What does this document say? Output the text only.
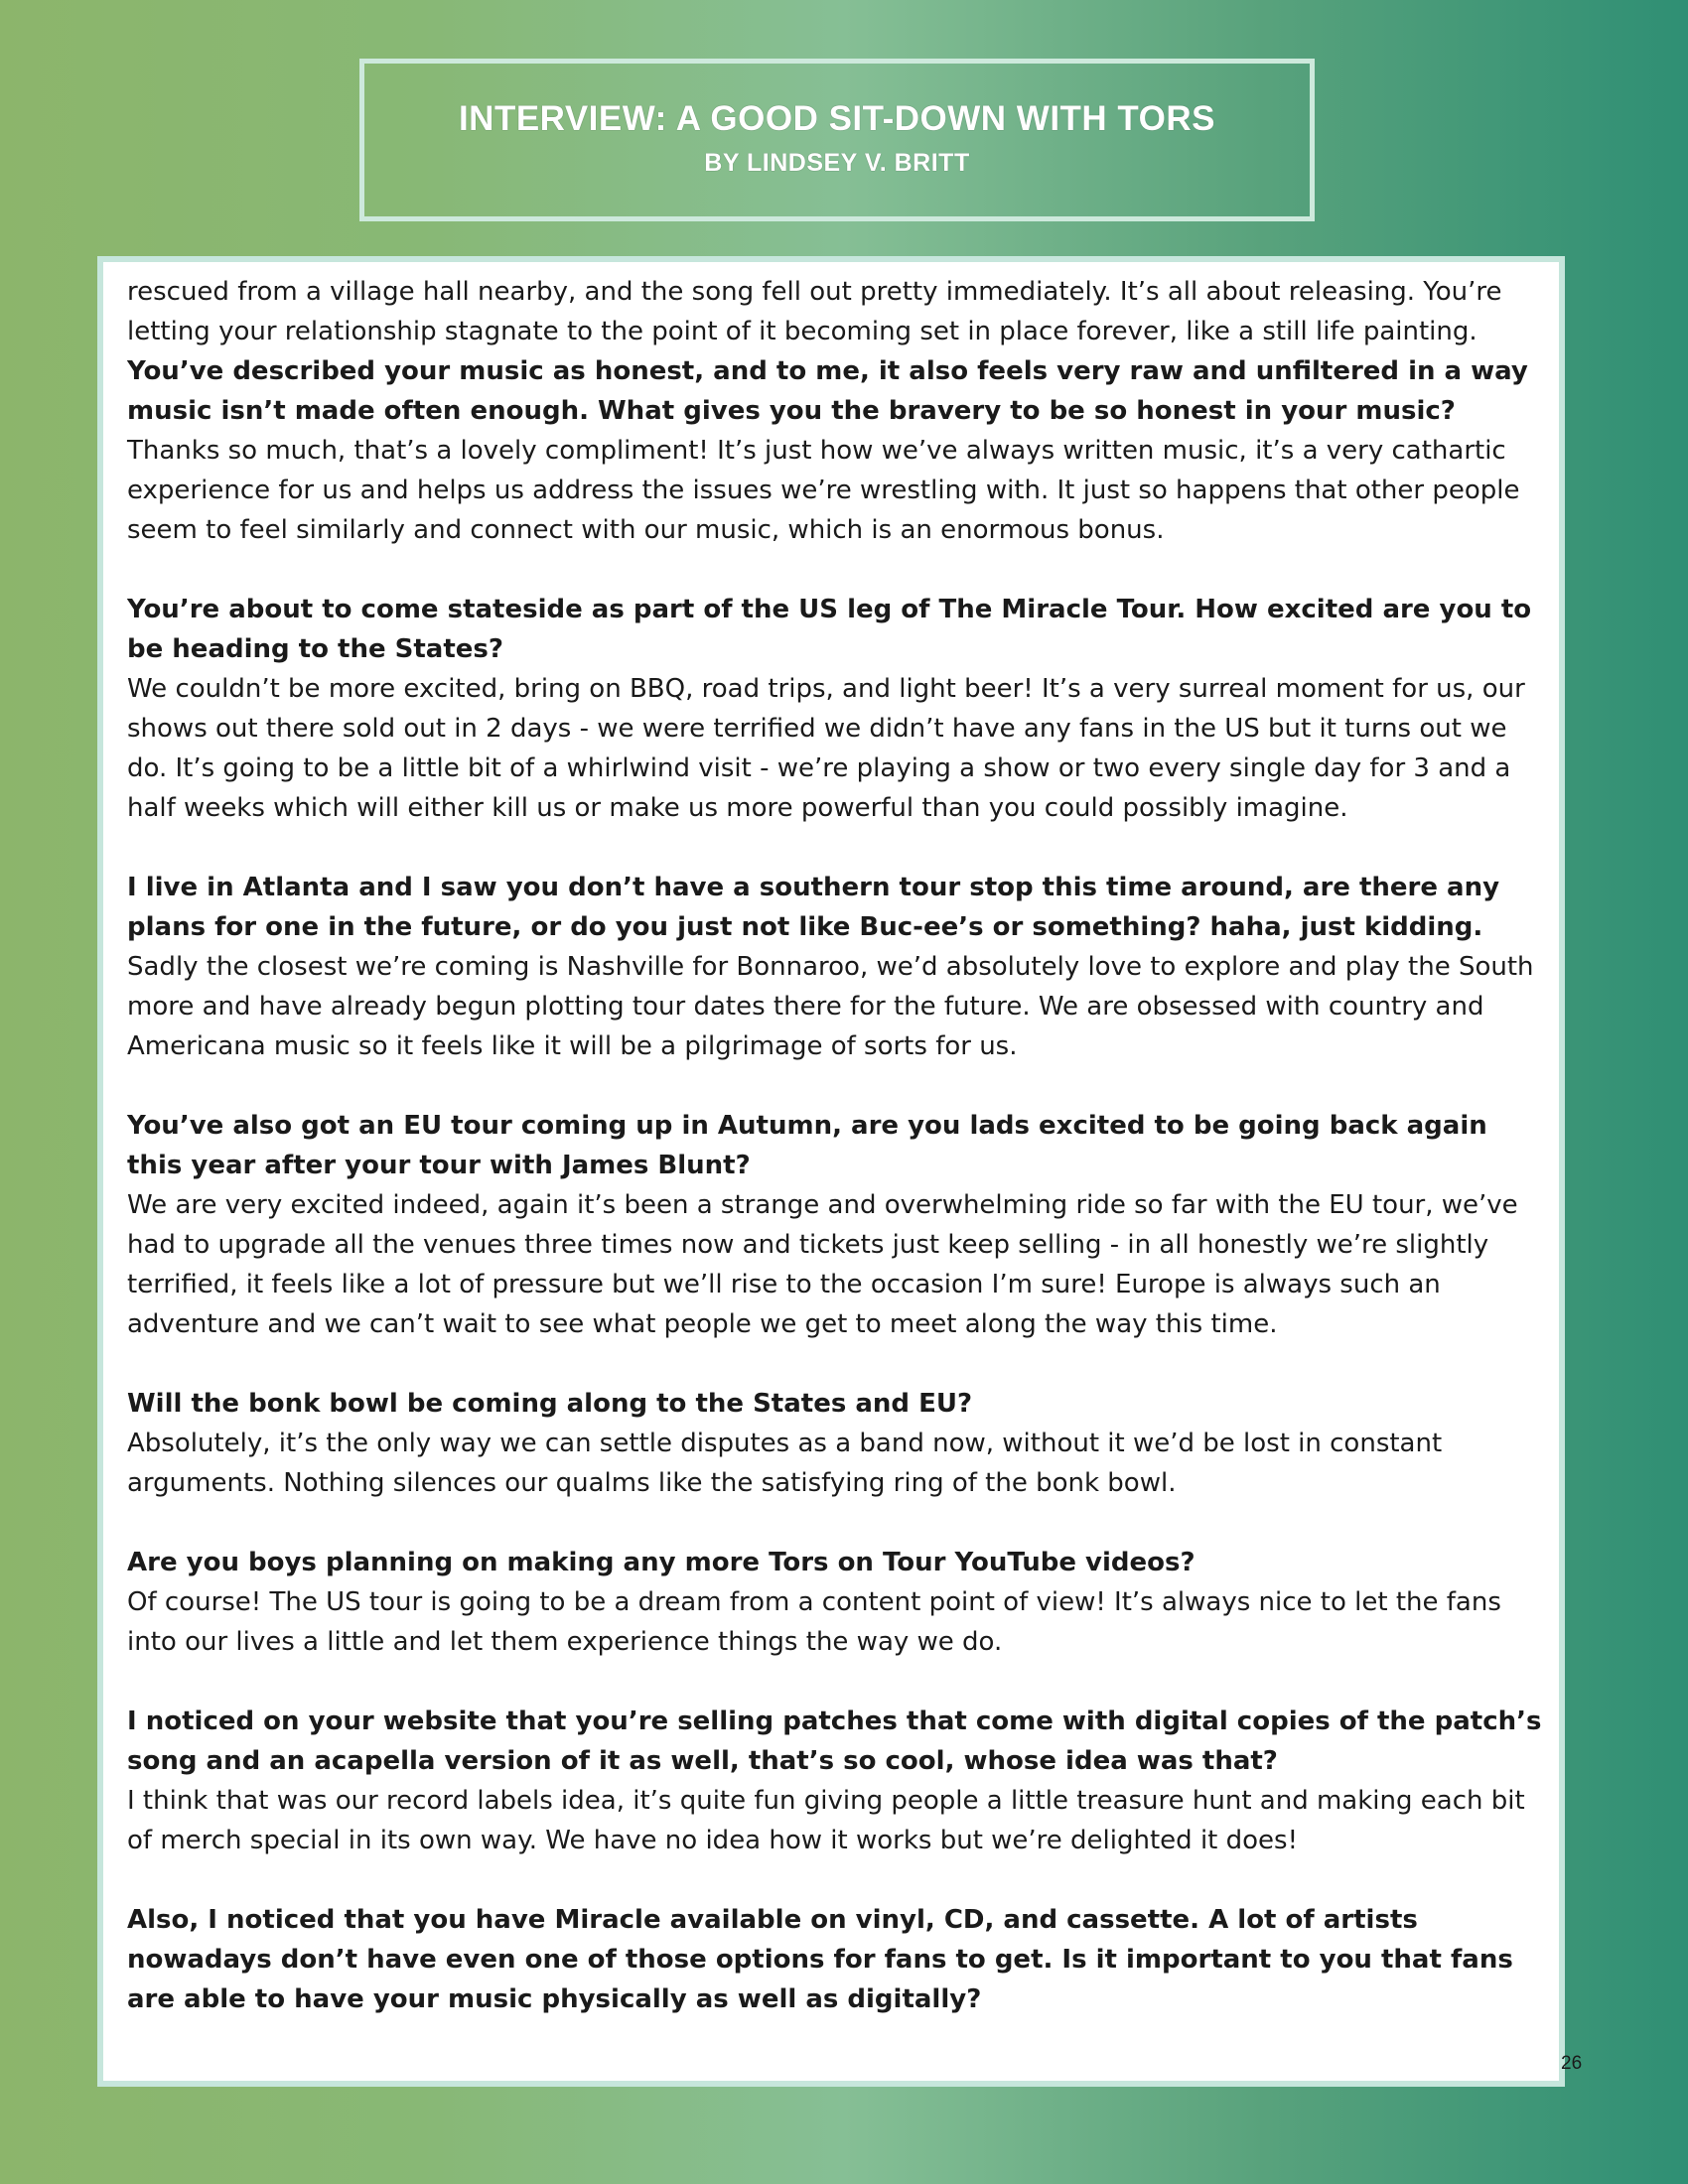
INTERVIEW: A GOOD SIT-DOWN WITH TORS
BY LINDSEY V. BRITT

rescued from a village hall nearby, and the song fell out pretty immediately. It’s all about releasing. You’re letting your relationship stagnate to the point of it becoming set in place forever, like a still life painting.

You’ve described your music as honest, and to me, it also feels very raw and unfiltered in a way music isn’t made often enough. What gives you the bravery to be so honest in your music?

Thanks so much, that’s a lovely compliment! It’s just how we’ve always written music, it’s a very cathartic experience for us and helps us address the issues we’re wrestling with. It just so happens that other people seem to feel similarly and connect with our music, which is an enormous bonus.

You’re about to come stateside as part of the US leg of The Miracle Tour. How excited are you to be heading to the States?

We couldn’t be more excited, bring on BBQ, road trips, and light beer! It’s a very surreal moment for us, our shows out there sold out in 2 days - we were terrified we didn’t have any fans in the US but it turns out we do. It’s going to be a little bit of a whirlwind visit - we’re playing a show or two every single day for 3 and a half weeks which will either kill us or make us more powerful than you could possibly imagine.

I live in Atlanta and I saw you don’t have a southern tour stop this time around, are there any plans for one in the future, or do you just not like Buc-ee’s or something? haha, just kidding.

Sadly the closest we’re coming is Nashville for Bonnaroo, we’d absolutely love to explore and play the South more and have already begun plotting tour dates there for the future. We are obsessed with country and Americana music so it feels like it will be a pilgrimage of sorts for us.

You’ve also got an EU tour coming up in Autumn, are you lads excited to be going back again this year after your tour with James Blunt?

We are very excited indeed, again it’s been a strange and overwhelming ride so far with the EU tour, we’ve had to upgrade all the venues three times now and tickets just keep selling - in all honestly we’re slightly terrified, it feels like a lot of pressure but we’ll rise to the occasion I’m sure! Europe is always such an adventure and we can’t wait to see what people we get to meet along the way this time.

Will the bonk bowl be coming along to the States and EU?

Absolutely, it’s the only way we can settle disputes as a band now, without it we’d be lost in constant arguments. Nothing silences our qualms like the satisfying ring of the bonk bowl.

Are you boys planning on making any more Tors on Tour YouTube videos?

Of course! The US tour is going to be a dream from a content point of view! It’s always nice to let the fans into our lives a little and let them experience things the way we do.

I noticed on your website that you’re selling patches that come with digital copies of the patch’s song and an acapella version of it as well, that’s so cool, whose idea was that?

I think that was our record labels idea, it’s quite fun giving people a little treasure hunt and making each bit of merch special in its own way. We have no idea how it works but we’re delighted it does!

Also, I noticed that you have Miracle available on vinyl, CD, and cassette. A lot of artists nowadays don’t have even one of those options for fans to get. Is it important to you that fans are able to have your music physically as well as digitally?

26
